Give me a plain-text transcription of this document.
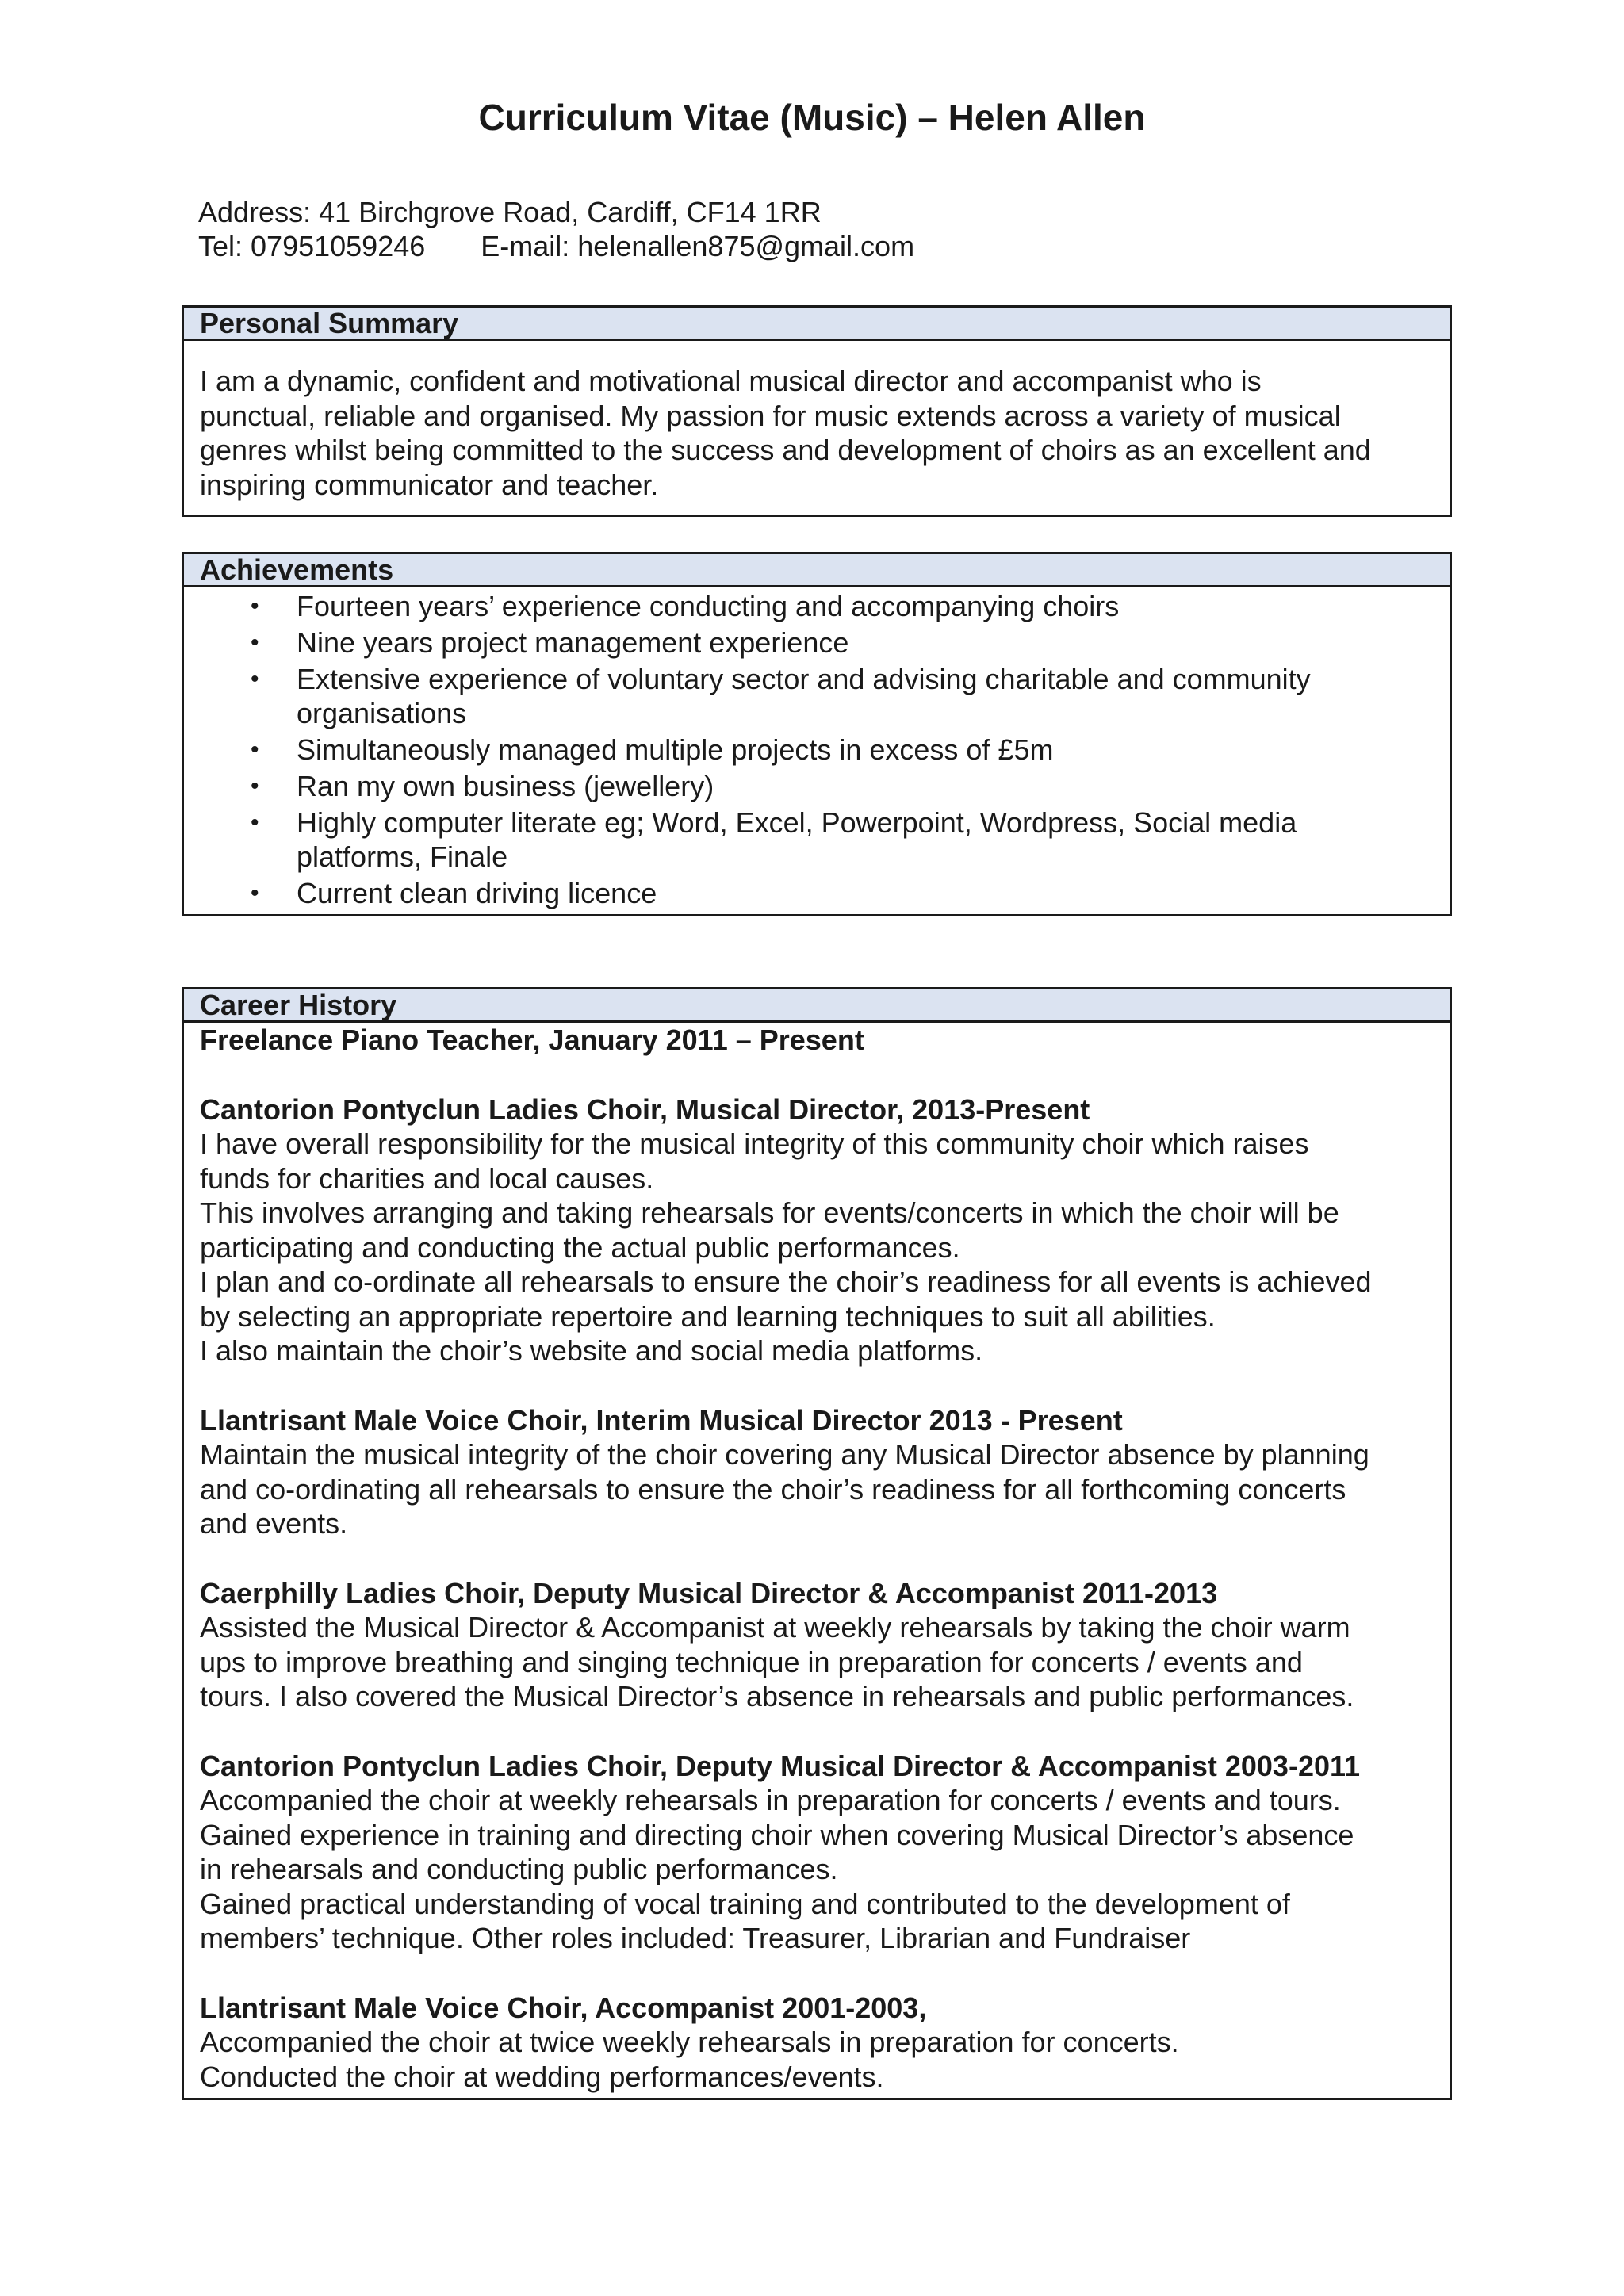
Curriculum Vitae (Music) – Helen Allen
Address: 41 Birchgrove Road, Cardiff, CF14 1RR
Tel: 07951059246 E-mail: helenallen875@gmail.com
Personal Summary
I am a dynamic, confident and motivational musical director and accompanist who is
punctual, reliable and organised. My passion for music extends across a variety of musical
genres whilst being committed to the success and development of choirs as an excellent and
inspiring communicator and teacher.
Achievements
• Fourteen years’ experience conducting and accompanying choirs
• Nine years project management experience
• Extensive experience of voluntary sector and advising charitable and community
organisations
• Simultaneously managed multiple projects in excess of £5m
• Ran my own business (jewellery)
• Highly computer literate eg; Word, Excel, Powerpoint, Wordpress, Social media
platforms, Finale
• Current clean driving licence
Career History
Freelance Piano Teacher, January 2011 – Present
Cantorion Pontyclun Ladies Choir, Musical Director, 2013-Present
I have overall responsibility for the musical integrity of this community choir which raises
funds for charities and local causes.
This involves arranging and taking rehearsals for events/concerts in which the choir will be
participating and conducting the actual public performances.
I plan and co-ordinate all rehearsals to ensure the choir’s readiness for all events is achieved
by selecting an appropriate repertoire and learning techniques to suit all abilities.
I also maintain the choir’s website and social media platforms.
Llantrisant Male Voice Choir, Interim Musical Director 2013 - Present
Maintain the musical integrity of the choir covering any Musical Director absence by planning
and co-ordinating all rehearsals to ensure the choir’s readiness for all forthcoming concerts
and events.
Caerphilly Ladies Choir, Deputy Musical Director & Accompanist 2011-2013
Assisted the Musical Director & Accompanist at weekly rehearsals by taking the choir warm
ups to improve breathing and singing technique in preparation for concerts / events and
tours. I also covered the Musical Director’s absence in rehearsals and public performances.
Cantorion Pontyclun Ladies Choir, Deputy Musical Director & Accompanist 2003-2011
Accompanied the choir at weekly rehearsals in preparation for concerts / events and tours.
Gained experience in training and directing choir when covering Musical Director’s absence
in rehearsals and conducting public performances.
Gained practical understanding of vocal training and contributed to the development of
members’ technique. Other roles included: Treasurer, Librarian and Fundraiser
Llantrisant Male Voice Choir, Accompanist 2001-2003,
Accompanied the choir at twice weekly rehearsals in preparation for concerts.
Conducted the choir at wedding performances/events.
